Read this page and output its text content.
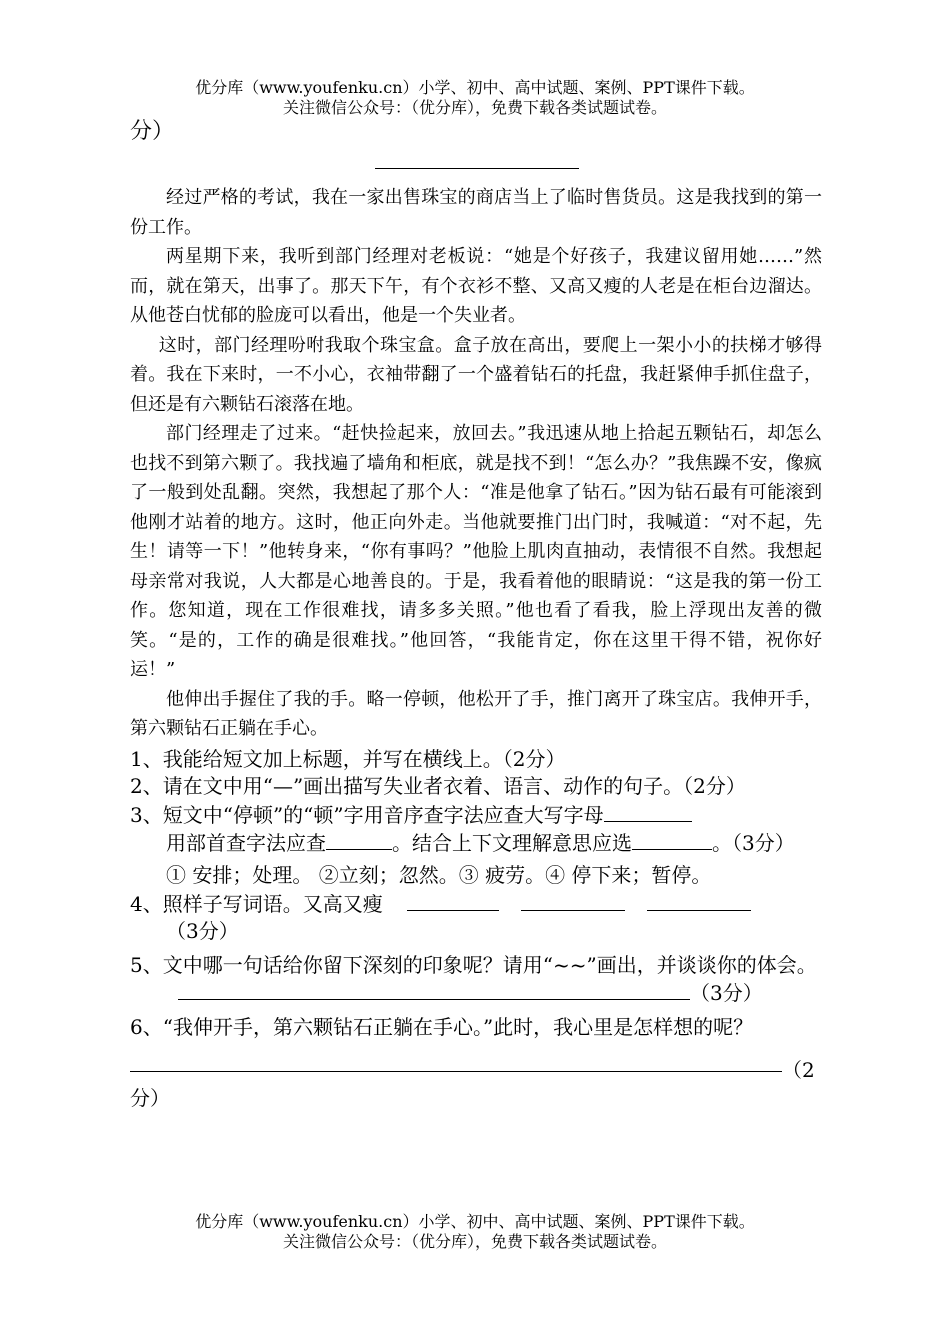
优分库（www.youfenku.cn）小学、初中、高中试题、案例、PPT课件下载。
关注微信公众号：（优分库），免费下载各类试题试卷。
分）

经过严格的考试，我在一家出售珠宝的商店当上了临时售货员。这是我找到的第一份工作。

两星期下来，我听到部门经理对老板说：“她是个好孩子，我建议留用她……”然而，就在第天，出事了。那天下午，有个衣衫不整、又高又瘦的人老是在柜台边溜达。从他苍白忧郁的脸庞可以看出，他是一个失业者。

这时，部门经理吩咐我取个珠宝盒。盒子放在高出，要爬上一架小小的扶梯才够得着。我在下来时，一不小心，衣袖带翻了一个盛着钻石的托盘，我赶紧伸手抓住盘子，但还是有六颗钻石滚落在地。

部门经理走了过来。“赶快捡起来，放回去。”我迅速从地上拾起五颗钻石，却怎么也找不到第六颗了。我找遍了墙角和柜底，就是找不到！“怎么办？”我焦躁不安，像疯了一般到处乱翻。突然，我想起了那个人：“准是他拿了钻石。”因为钻石最有可能滚到他刚才站着的地方。这时，他正向外走。当他就要推门出门时，我喊道：“对不起，先生！请等一下！”他转身来，“你有事吗？”他脸上肌肉直抽动，表情很不自然。我想起母亲常对我说，人大都是心地善良的。于是，我看着他的眼睛说：“这是我的第一份工作。您知道，现在工作很难找，请多多关照。”他也看了看我，脸上浮现出友善的微笑。“是的，工作的确是很难找。”他回答，“我能肯定，你在这里干得不错，祝你好运！”

他伸出手握住了我的手。略一停顿，他松开了手，推门离开了珠宝店。我伸开手，第六颗钻石正躺在手心。

1、我能给短文加上标题，并写在横线上。（2分）

2、请在文中用“—”画出描写失业者衣着、语言、动作的句子。（2分）

3、短文中“停顿”的“顿”字用音序查字法应查大写字母
用部首查字法应查	。结合上下文理解意思应选	。（3分）

① 安排；处理。 ②立刻；忽然。③ 疲劳。④ 停下来；暂停。

4、照样子写词语。又高又瘦（3分）

5、文中哪一句话给你留下深刻的印象呢？请用“~~”画出，并谈谈你的体会。（3分）

6、“我伸开手，第六颗钻石正躺在手心。”此时，我心里是怎样想的呢？

（2分）
优分库（www.youfenku.cn）小学、初中、高中试题、案例、PPT课件下载。
关注微信公众号：（优分库），免费下载各类试题试卷。
